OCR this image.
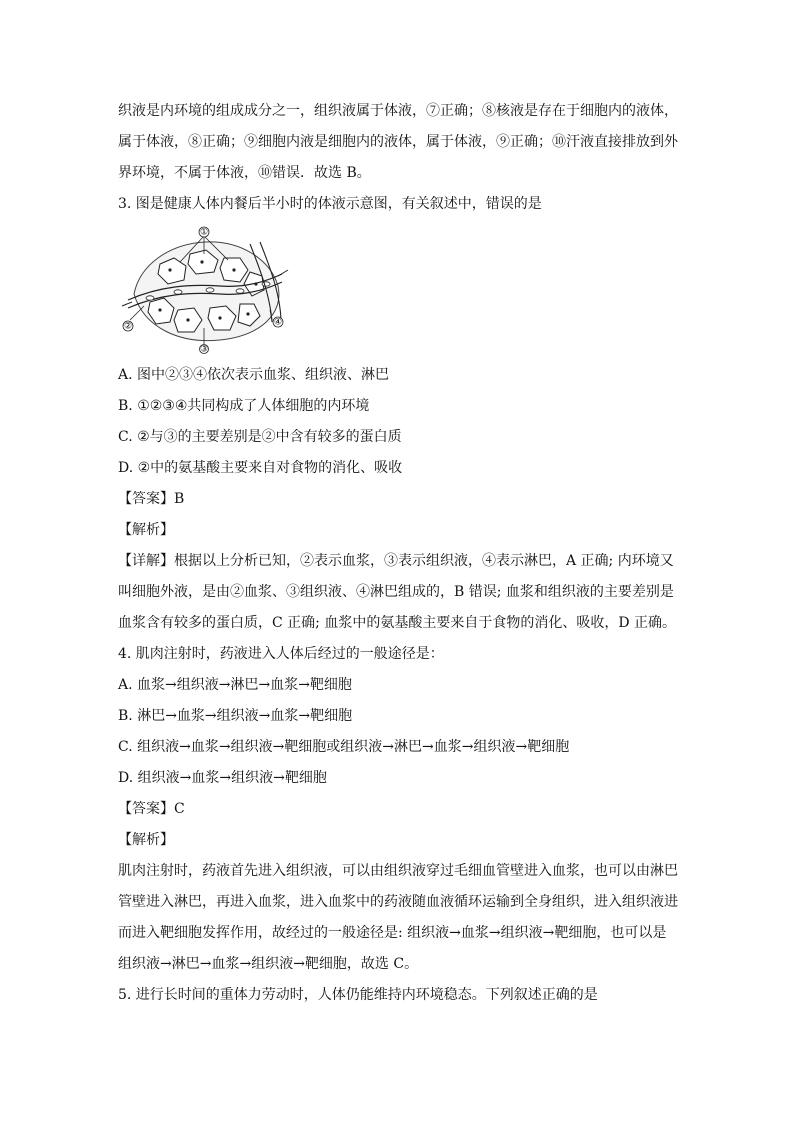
织液是内环境的组成成分之一，组织液属于体液，⑦正确；⑧核液是存在于细胞内的液体，

属于体液，⑧正确；⑨细胞内液是细胞内的液体，属于体液，⑨正确；⑩汗液直接排放到外

界环境，不属于体液，⑩错误．故选 B。

3. 图是健康人体内餐后半小时的体液示意图，有关叙述中，错误的是

①
②
③
④

A. 图中②③④依次表示血浆、组织液、淋巴

B. ①②③④共同构成了人体细胞的内环境

C. ②与③的主要差别是②中含有较多的蛋白质

D. ②中的氨基酸主要来自对食物的消化、吸收

【答案】B

【解析】

【详解】根据以上分析已知，②表示血浆，③表示组织液，④表示淋巴，A 正确; 内环境又

叫细胞外液，是由②血浆、③组织液、④淋巴组成的，B 错误; 血浆和组织液的主要差别是

血浆含有较多的蛋白质，C 正确; 血浆中的氨基酸主要来自于食物的消化、吸收，D 正确。

4. 肌肉注射时，药液进入人体后经过的一般途径是：

A. 血浆→组织液→淋巴→血浆→靶细胞

B. 淋巴→血浆→组织液→血浆→靶细胞

C. 组织液→血浆→组织液→靶细胞或组织液→淋巴→血浆→组织液→靶细胞

D. 组织液→血浆→组织液→靶细胞

【答案】C

【解析】

肌肉注射时，药液首先进入组织液，可以由组织液穿过毛细血管壁进入血浆，也可以由淋巴

管壁进入淋巴，再进入血浆，进入血浆中的药液随血液循环运输到全身组织，进入组织液进

而进入靶细胞发挥作用，故经过的一般途径是: 组织液→血浆→组织液→靶细胞，也可以是

组织液→淋巴→血浆→组织液→靶细胞，故选 C。

5. 进行长时间的重体力劳动时，人体仍能维持内环境稳态。下列叙述正确的是
